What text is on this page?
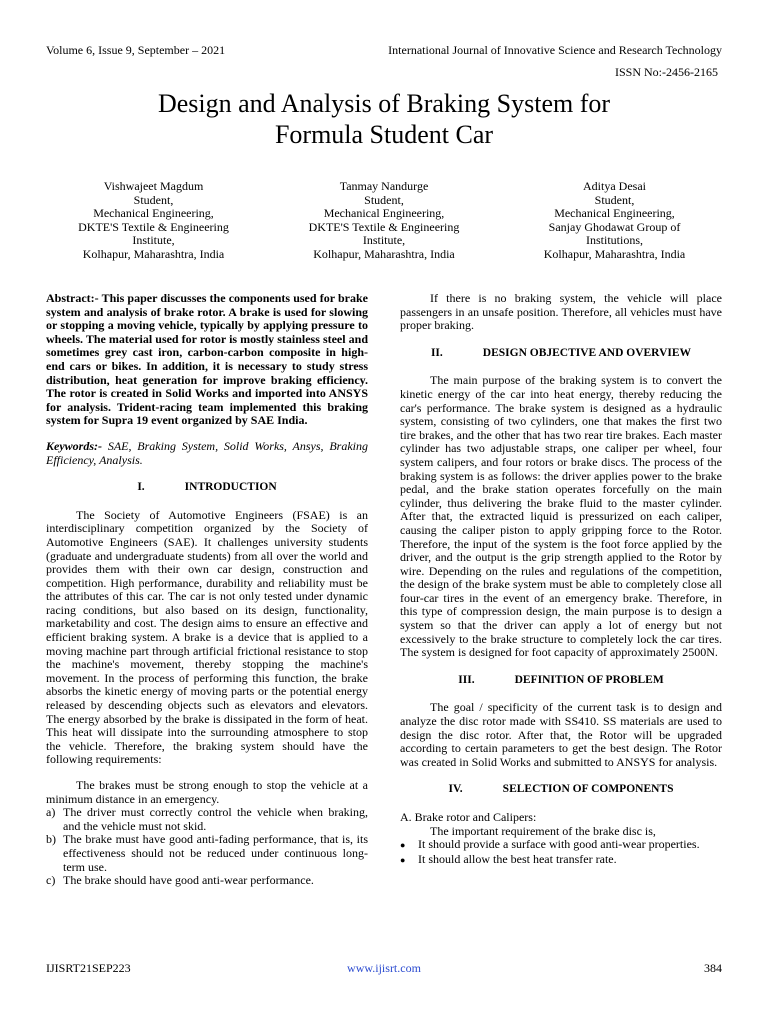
Volume 6, Issue 9, September – 2021	International Journal of Innovative Science and Research Technology
ISSN No:-2456-2165
Design and Analysis of Braking System for
Formula Student Car
Vishwajeet Magdum
Student,
Mechanical Engineering,
DKTE'S Textile & Engineering
Institute,
Kolhapur, Maharashtra, India
Tanmay Nandurge
Student,
Mechanical Engineering,
DKTE'S Textile & Engineering
Institute,
Kolhapur, Maharashtra, India
Aditya Desai
Student,
Mechanical Engineering,
Sanjay Ghodawat Group of
Institutions,
Kolhapur, Maharashtra, India

Abstract:- This paper discusses the components used for brake system and analysis of brake rotor. A brake is used for slowing or stopping a moving vehicle, typically by applying pressure to wheels. The material used for rotor is mostly stainless steel and sometimes grey cast iron, carbon-carbon composite in high-end cars or bikes. In addition, it is necessary to study stress distribution, heat generation for improve braking efficiency. The rotor is created in Solid Works and imported into ANSYS for analysis. Trident-racing team implemented this braking system for Supra 19 event organized by SAE India.

Keywords:- SAE, Braking System, Solid Works, Ansys, Braking Efficiency, Analysis.

I.	INTRODUCTION

The Society of Automotive Engineers (FSAE) is an interdisciplinary competition organized by the Society of Automotive Engineers (SAE). It challenges university students (graduate and undergraduate students) from all over the world and provides them with their own car design, construction and competition. High performance, durability and reliability must be the attributes of this car. The car is not only tested under dynamic racing conditions, but also based on its design, functionality, marketability and cost. The design aims to ensure an effective and efficient braking system. A brake is a device that is applied to a moving machine part through artificial frictional resistance to stop the machine's movement, thereby stopping the machine's movement. In the process of performing this function, the brake absorbs the kinetic energy of moving parts or the potential energy released by descending objects such as elevators and elevators. The energy absorbed by the brake is dissipated in the form of heat. This heat will dissipate into the surrounding atmosphere to stop the vehicle. Therefore, the braking system should have the following requirements:

The brakes must be strong enough to stop the vehicle at a minimum distance in an emergency.

a) The driver must correctly control the vehicle when braking, and the vehicle must not skid.
b) The brake must have good anti-fading performance, that is, its effectiveness should not be reduced under continuous long-term use.
c) The brake should have good anti-wear performance.

If there is no braking system, the vehicle will place passengers in an unsafe position. Therefore, all vehicles must have proper braking.

II.	DESIGN OBJECTIVE AND OVERVIEW

The main purpose of the braking system is to convert the kinetic energy of the car into heat energy, thereby reducing the car's performance. The brake system is designed as a hydraulic system, consisting of two cylinders, one that makes the first two tire brakes, and the other that has two rear tire brakes. Each master cylinder has two adjustable straps, one caliper per wheel, four system calipers, and four rotors or brake discs. The process of the braking system is as follows: the driver applies power to the brake pedal, and the brake station operates forcefully on the main cylinder, thus delivering the brake fluid to the master cylinder. After that, the extracted liquid is pressurized on each caliper, causing the caliper piston to apply gripping force to the Rotor. Therefore, the input of the system is the foot force applied by the driver, and the output is the grip strength applied to the Rotor by wire. Depending on the rules and regulations of the competition, the design of the brake system must be able to completely close all four-car tires in the event of an emergency brake. Therefore, in this type of compression design, the main purpose is to design a system so that the driver can apply a lot of energy but not excessively to the brake structure to completely lock the car tires. The system is designed for foot capacity of approximately 2500N.

III.	DEFINITION OF PROBLEM

The goal / specificity of the current task is to design and analyze the disc rotor made with SS410. SS materials are used to design the disc rotor. After that, the Rotor will be upgraded according to certain parameters to get the best design. The Rotor was created in Solid Works and submitted to ANSYS for analysis.

IV.	SELECTION OF COMPONENTS

A. Brake rotor and Calipers:

The important requirement of the brake disc is,

●	It should provide a surface with good anti-wear properties.
●	It should allow the best heat transfer rate.
IJISRT21SEP223	www.ijisrt.com	384
